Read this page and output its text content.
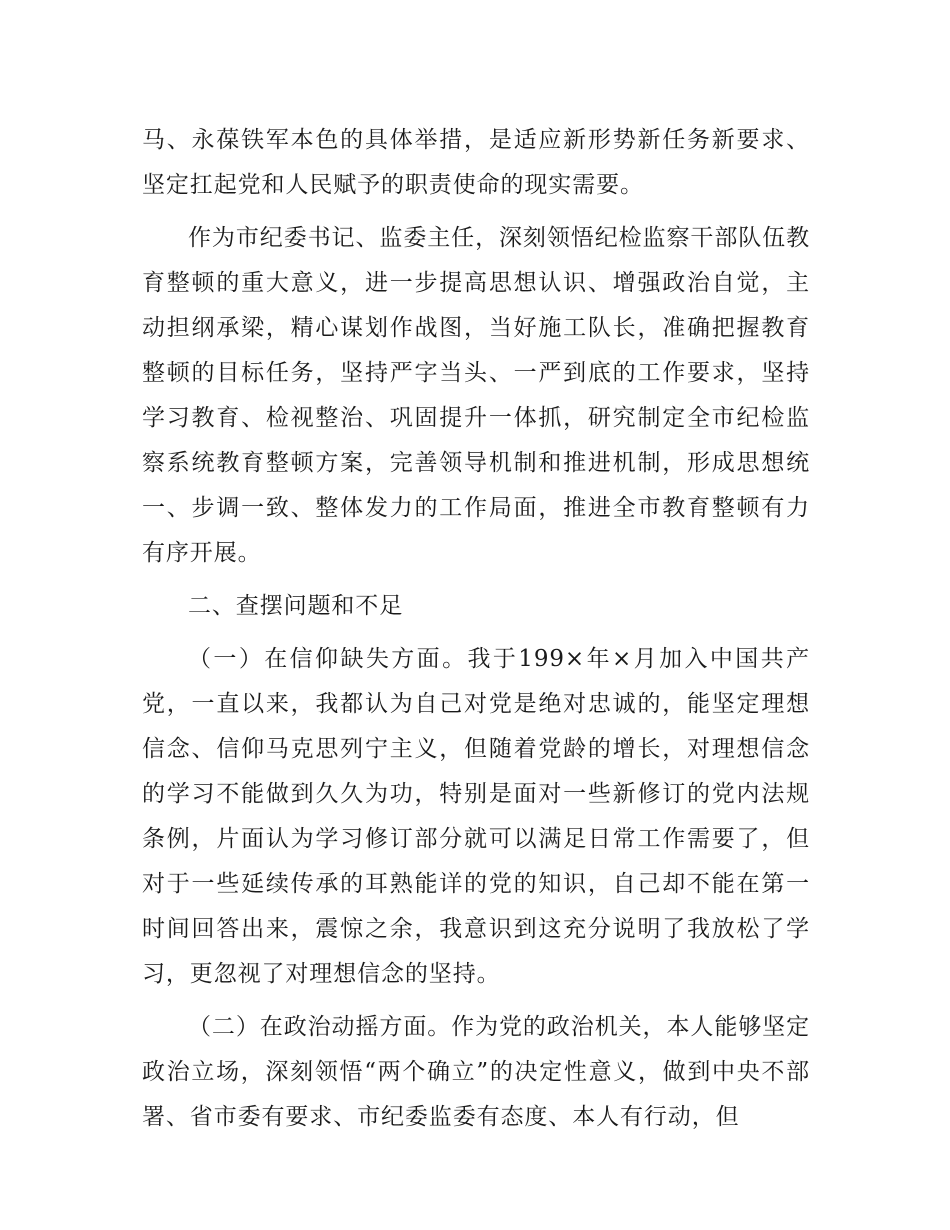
马、永葆铁军本色的具体举措，是适应新形势新任务新要求、坚定扛起党和人民赋予的职责使命的现实需要。

作为市纪委书记、监委主任，深刻领悟纪检监察干部队伍教育整顿的重大意义，进一步提高思想认识、增强政治自觉，主动担纲承梁，精心谋划作战图，当好施工队长，准确把握教育整顿的目标任务，坚持严字当头、一严到底的工作要求，坚持学习教育、检视整治、巩固提升一体抓，研究制定全市纪检监察系统教育整顿方案，完善领导机制和推进机制，形成思想统一、步调一致、整体发力的工作局面，推进全市教育整顿有力有序开展。

二、查摆问题和不足

（一）在信仰缺失方面。我于199×年×月加入中国共产党，一直以来，我都认为自己对党是绝对忠诚的，能坚定理想信念、信仰马克思列宁主义，但随着党龄的增长，对理想信念的学习不能做到久久为功，特别是面对一些新修订的党内法规条例，片面认为学习修订部分就可以满足日常工作需要了，但对于一些延续传承的耳熟能详的党的知识，自己却不能在第一时间回答出来，震惊之余，我意识到这充分说明了我放松了学习，更忽视了对理想信念的坚持。

（二）在政治动摇方面。作为党的政治机关，本人能够坚定政治立场，深刻领悟“两个确立”的决定性意义，做到中央不部署、省市委有要求、市纪委监委有态度、本人有行动，但
